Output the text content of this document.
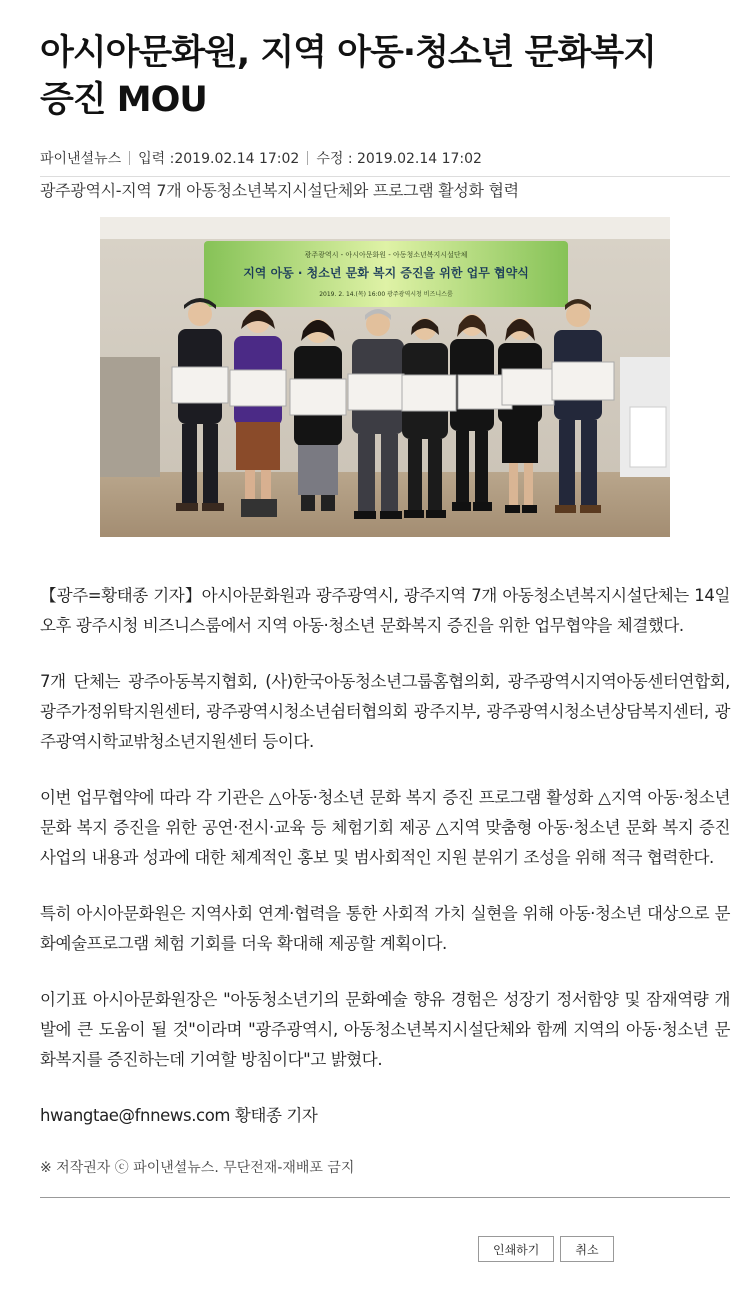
아시아문화원, 지역 아동·청소년 문화복지 증진 MOU
파이낸셜뉴스 입력 :2019.02.14 17:02 수정 : 2019.02.14 17:02
광주광역시-지역 7개 아동청소년복지시설단체와 프로그램 활성화 협력
광주광역시 - 아시아문화원 - 아동청소년복지시설단체
지역 아동 · 청소년 문화 복지 증진을 위한 업무 협약식
2019. 2. 14.(목) 16:00 광주광역시청 비즈니스룸

【광주=황태종 기자】아시아문화원과 광주광역시, 광주지역 7개 아동청소년복지시설단체는 14일 오후 광주시청 비즈니스룸에서 지역 아동·청소년 문화복지 증진을 위한 업무협약을 체결했다.

7개 단체는 광주아동복지협회, (사)한국아동청소년그룹홈협의회, 광주광역시지역아동센터연합회, 광주가정위탁지원센터, 광주광역시청소년쉼터협의회 광주지부, 광주광역시청소년상담복지센터, 광주광역시학교밖청소년지원센터 등이다.

이번 업무협약에 따라 각 기관은 △아동·청소년 문화 복지 증진 프로그램 활성화 △지역 아동·청소년 문화 복지 증진을 위한 공연·전시·교육 등 체험기회 제공 △지역 맞춤형 아동·청소년 문화 복지 증진사업의 내용과 성과에 대한 체계적인 홍보 및 범사회적인 지원 분위기 조성을 위해 적극 협력한다.

특히 아시아문화원은 지역사회 연계·협력을 통한 사회적 가치 실현을 위해 아동·청소년 대상으로 문화예술프로그램 체험 기회를 더욱 확대해 제공할 계획이다.

이기표 아시아문화원장은 "아동청소년기의 문화예술 향유 경험은 성장기 정서함양 및 잠재역량 개발에 큰 도움이 될 것"이라며 "광주광역시, 아동청소년복지시설단체와 함께 지역의 아동·청소년 문화복지를 증진하는데 기여할 방침이다"고 밝혔다.

hwangtae@fnnews.com 황태종 기자

※ 저작권자 ⓒ 파이낸셜뉴스. 무단전재-재배포 금지
인쇄하기	취소
